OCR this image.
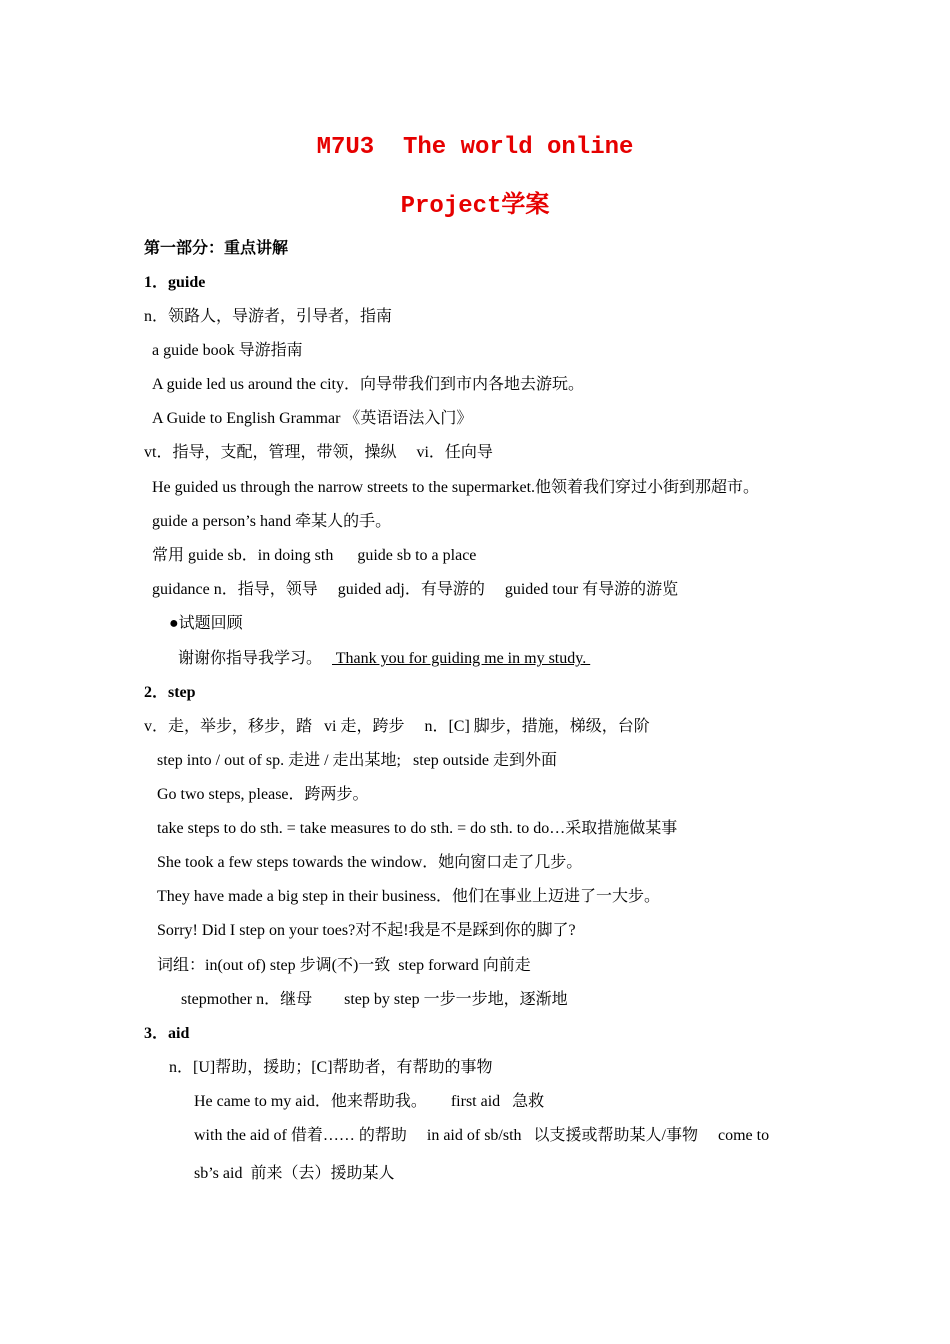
M7U3  The world online
Project学案
第一部分：重点讲解
1．guide
n．领路人，导游者，引导者，指南
a guide book 导游指南
A guide led us around the city．向导带我们到市内各地去游玩。
A Guide to English Grammar 《英语语法入门》
vt．指导，支配，管理，带领，操纵     vi．任向导
He guided us through the narrow streets to the supermarket.他领着我们穿过小街到那超市。
guide a person’s hand 牵某人的手。
常用 guide sb．in doing sth      guide sb to a place
guidance n．指导，领导     guided adj．有导游的     guided tour 有导游的游览
●试题回顾
谢谢你指导我学习。 Thank you for guiding me in my study.
2．step
v．走，举步，移步，踏   vi 走，跨步     n．[C] 脚步，措施，梯级，台阶
step into / out of sp. 走进 / 走出某地;   step outside 走到外面
Go two steps, please．跨两步。
take steps to do sth. = take measures to do sth. = do sth. to do…采取措施做某事
She took a few steps towards the window．她向窗口走了几步。
They have made a big step in their business．他们在事业上迈进了一大步。
Sorry! Did I step on your toes?对不起!我是不是踩到你的脚了?
词组：in(out of) step 步调(不)一致  step forward 向前走
stepmother n．继母        step by step 一步一步地，逐渐地
3．aid
n．[U]帮助，援助；[C]帮助者，有帮助的事物
He came to my aid．他来帮助我。      first aid   急救
with the aid of 借着…… 的帮助     in aid of sb/sth   以支援或帮助某人/事物     come to
sb’s aid  前来（去）援助某人
